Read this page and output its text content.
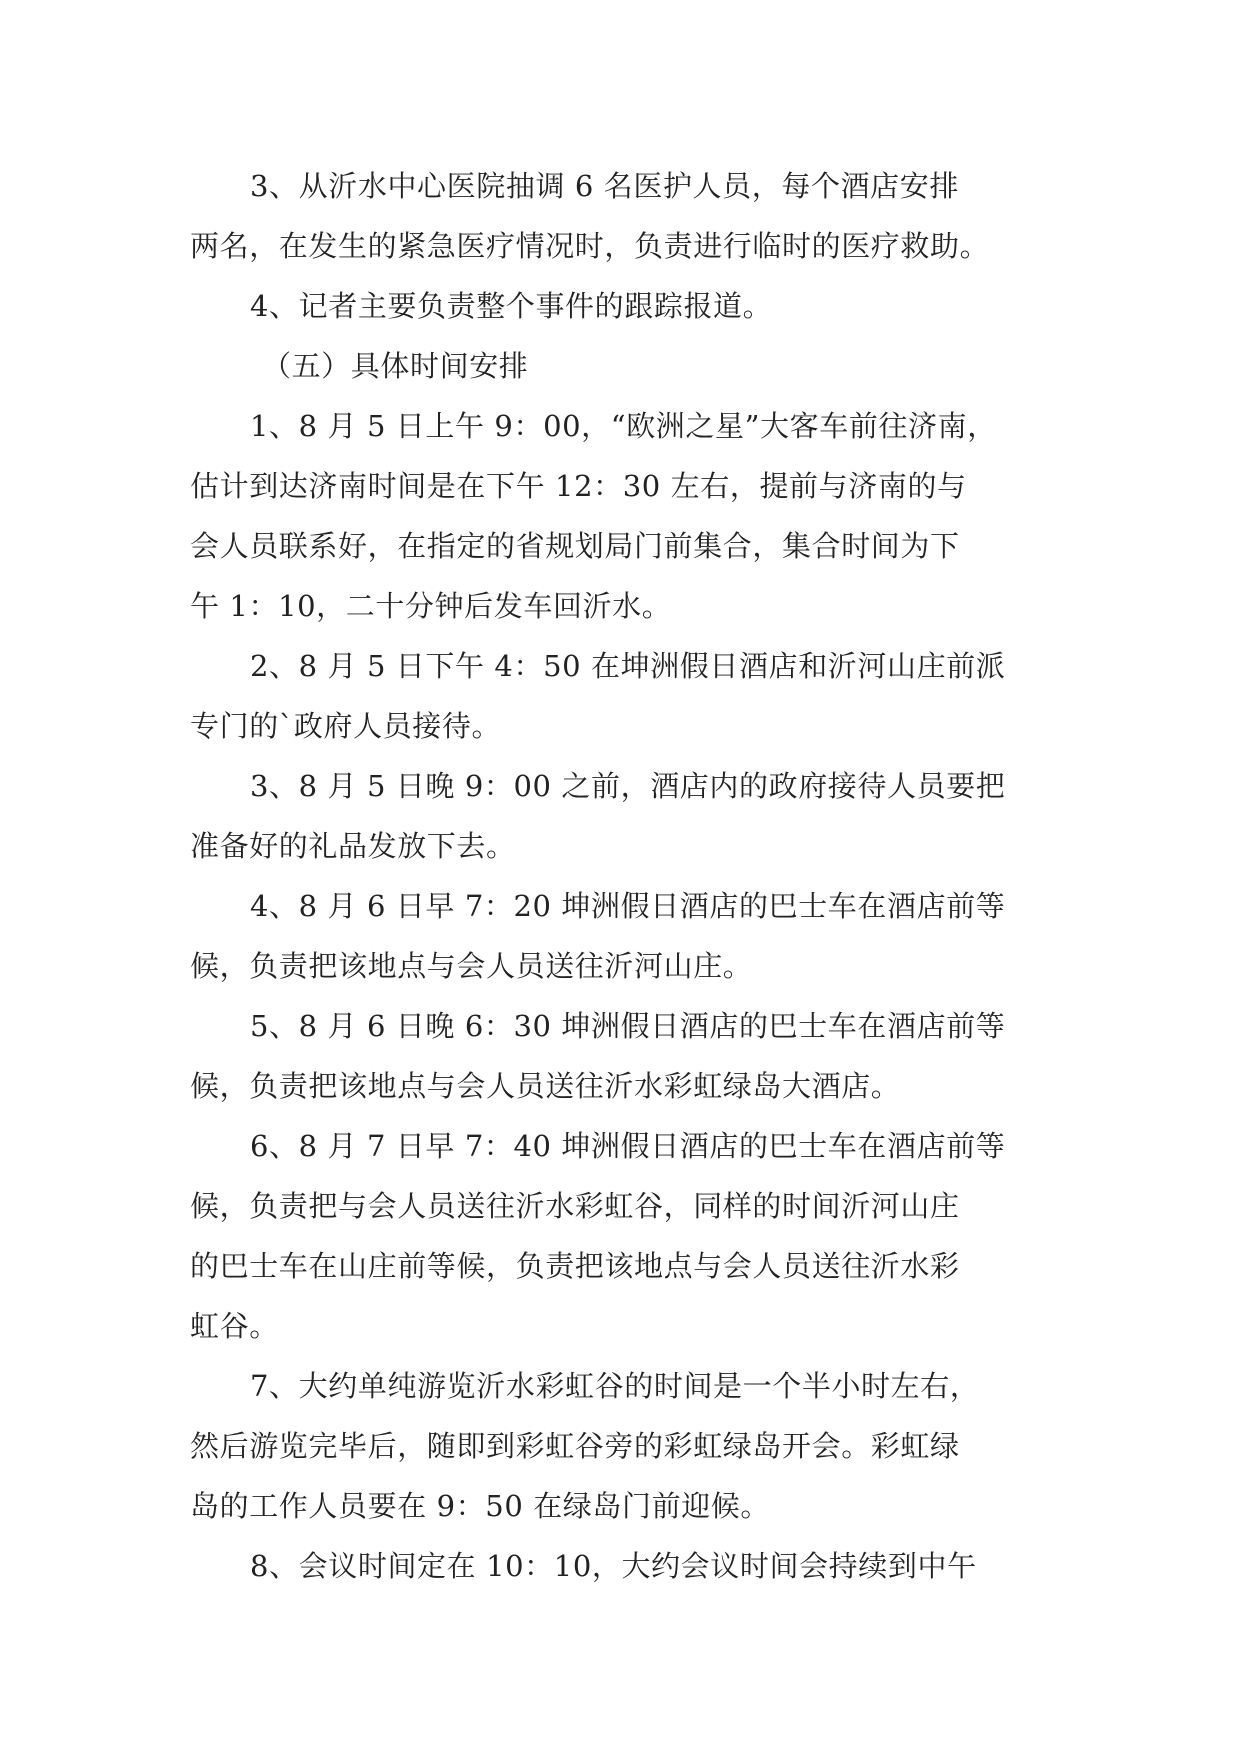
3、从沂水中心医院抽调 6 名医护人员，每个酒店安排
两名，在发生的紧急医疗情况时，负责进行临时的医疗救助。
4、记者主要负责整个事件的跟踪报道。
（五）具体时间安排
1、8 月 5 日上午 9：00，“欧洲之星”大客车前往济南，
估计到达济南时间是在下午 12：30 左右，提前与济南的与
会人员联系好，在指定的省规划局门前集合，集合时间为下
午 1：10，二十分钟后发车回沂水。
2、8 月 5 日下午 4：50 在坤洲假日酒店和沂河山庄前派
专门的`政府人员接待。
3、8 月 5 日晚 9：00 之前，酒店内的政府接待人员要把
准备好的礼品发放下去。
4、8 月 6 日早 7：20 坤洲假日酒店的巴士车在酒店前等
候，负责把该地点与会人员送往沂河山庄。
5、8 月 6 日晚 6：30 坤洲假日酒店的巴士车在酒店前等
候，负责把该地点与会人员送往沂水彩虹绿岛大酒店。
6、8 月 7 日早 7：40 坤洲假日酒店的巴士车在酒店前等
候，负责把与会人员送往沂水彩虹谷，同样的时间沂河山庄
的巴士车在山庄前等候，负责把该地点与会人员送往沂水彩
虹谷。
7、大约单纯游览沂水彩虹谷的时间是一个半小时左右，
然后游览完毕后，随即到彩虹谷旁的彩虹绿岛开会。彩虹绿
岛的工作人员要在 9：50 在绿岛门前迎候。
8、会议时间定在 10：10，大约会议时间会持续到中午
